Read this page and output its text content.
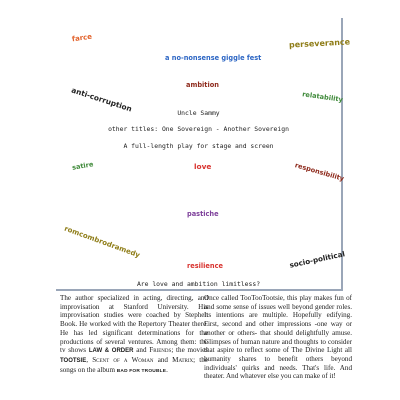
farce
a no-nonsense giggle fest
perseverance
ambition
anti-corruption	relatability
Uncle Sammy
other titles: One Sovereign - Another Sovereign
A full-length play for stage and screen
satire	love	responsibility
pastiche
romcombrodramedy
resilience	socio-political
Are love and ambition limitless?

The author specialized in acting, directing, and improvisation at Stanford University. His improvisation studies were coached by Stephen Book. He worked with the Repertory Theater there. He has led significant determinations for the productions of several ventures. Among them: the tv shows LAW & ORDER and Friends; the movies TOOTSIE, Scent of a Woman and Matrix; the songs on the album BAD FOR TROUBLE.

Once called TooTooTootsie, this play makes fun of and some sense of issues well beyond gender roles. Its intentions are multiple. Hopefully edifying. First, second and other impressions -one way or another or others- that should delightfully amuse. Glimpses of human nature and thoughts to consider that aspire to reflect some of The Divine Light all humanity shares to benefit others beyond individuals' quirks and needs. That's life. And theater. And whatever else you can make of it!
